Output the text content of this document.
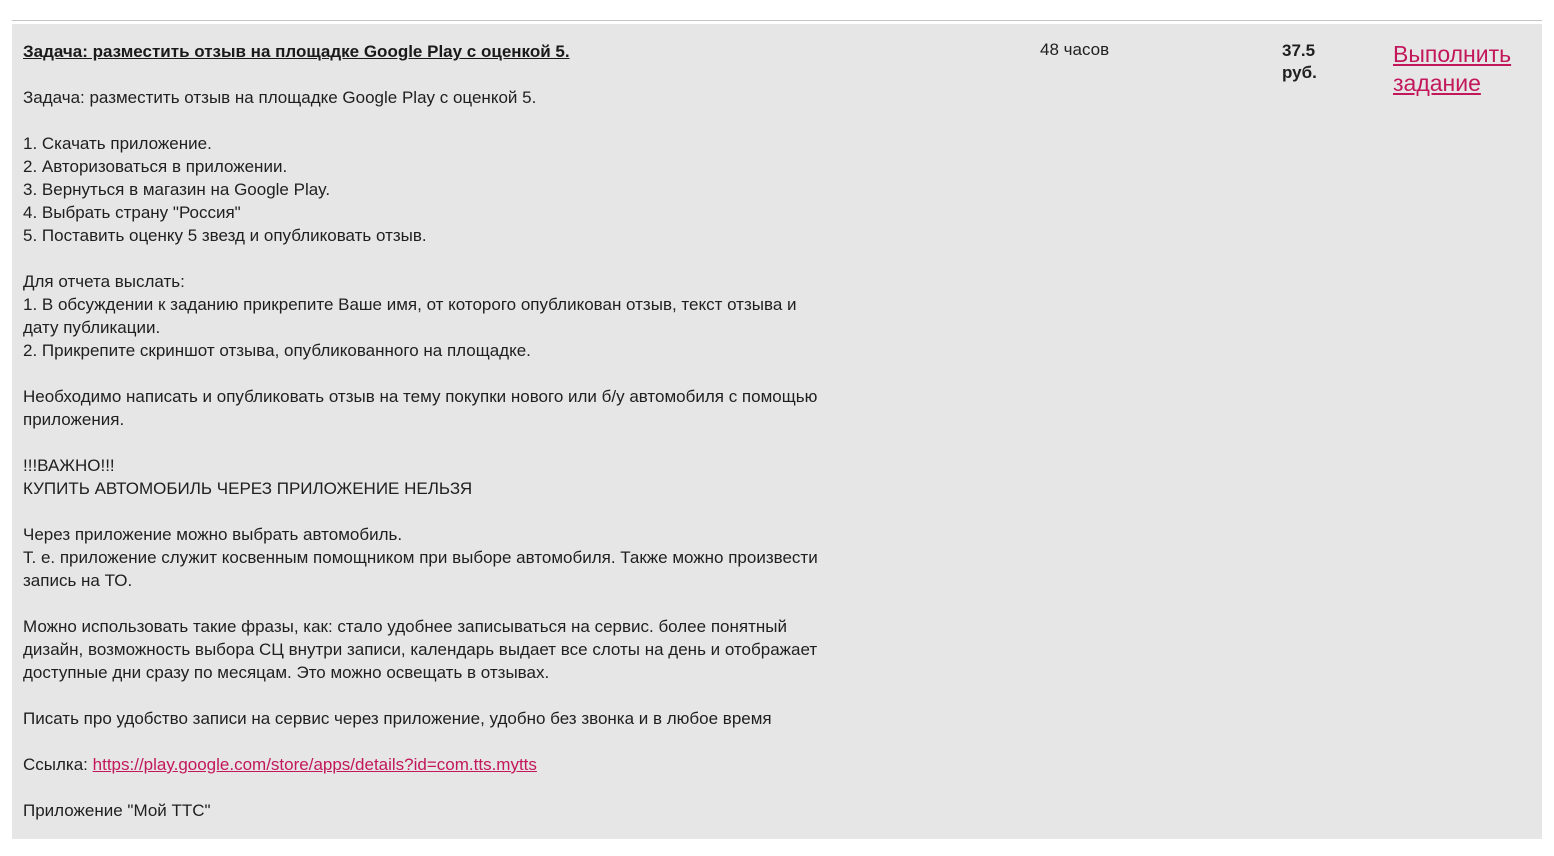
Задача: разместить отзыв на площадке Google Play с оценкой 5.
Задача: разместить отзыв на площадке Google Play с оценкой 5.
1. Скачать приложение.
2. Авторизоваться в приложении.
3. Вернуться в магазин на Google Play.
4. Выбрать страну "Россия"
5. Поставить оценку 5 звезд и опубликовать отзыв.
Для отчета выслать:
1. В обсуждении к заданию прикрепите Ваше имя, от которого опубликован отзыв, текст отзыва и
дату публикации.
2. Прикрепите скриншот отзыва, опубликованного на площадке.
Необходимо написать и опубликовать отзыв на тему покупки нового или б/у автомобиля с помощью
приложения.
!!!ВАЖНО!!!
КУПИТЬ АВТОМОБИЛЬ ЧЕРЕЗ ПРИЛОЖЕНИЕ НЕЛЬЗЯ
Через приложение можно выбрать автомобиль.
Т. е. приложение служит косвенным помощником при выборе автомобиля. Также можно произвести
запись на ТО.
Можно использовать такие фразы, как: стало удобнее записываться на сервис. более понятный
дизайн, возможность выбора СЦ внутри записи, календарь выдает все слоты на день и отображает
доступные дни сразу по месяцам. Это можно освещать в отзывах.
Писать про удобство записи на сервис через приложение, удобно без звонка и в любое время
Ссылка: https://play.google.com/store/apps/details?id=com.tts.mytts
Приложение "Мой ТТС"
48 часов	37.5
руб.
Выполнить
задание
